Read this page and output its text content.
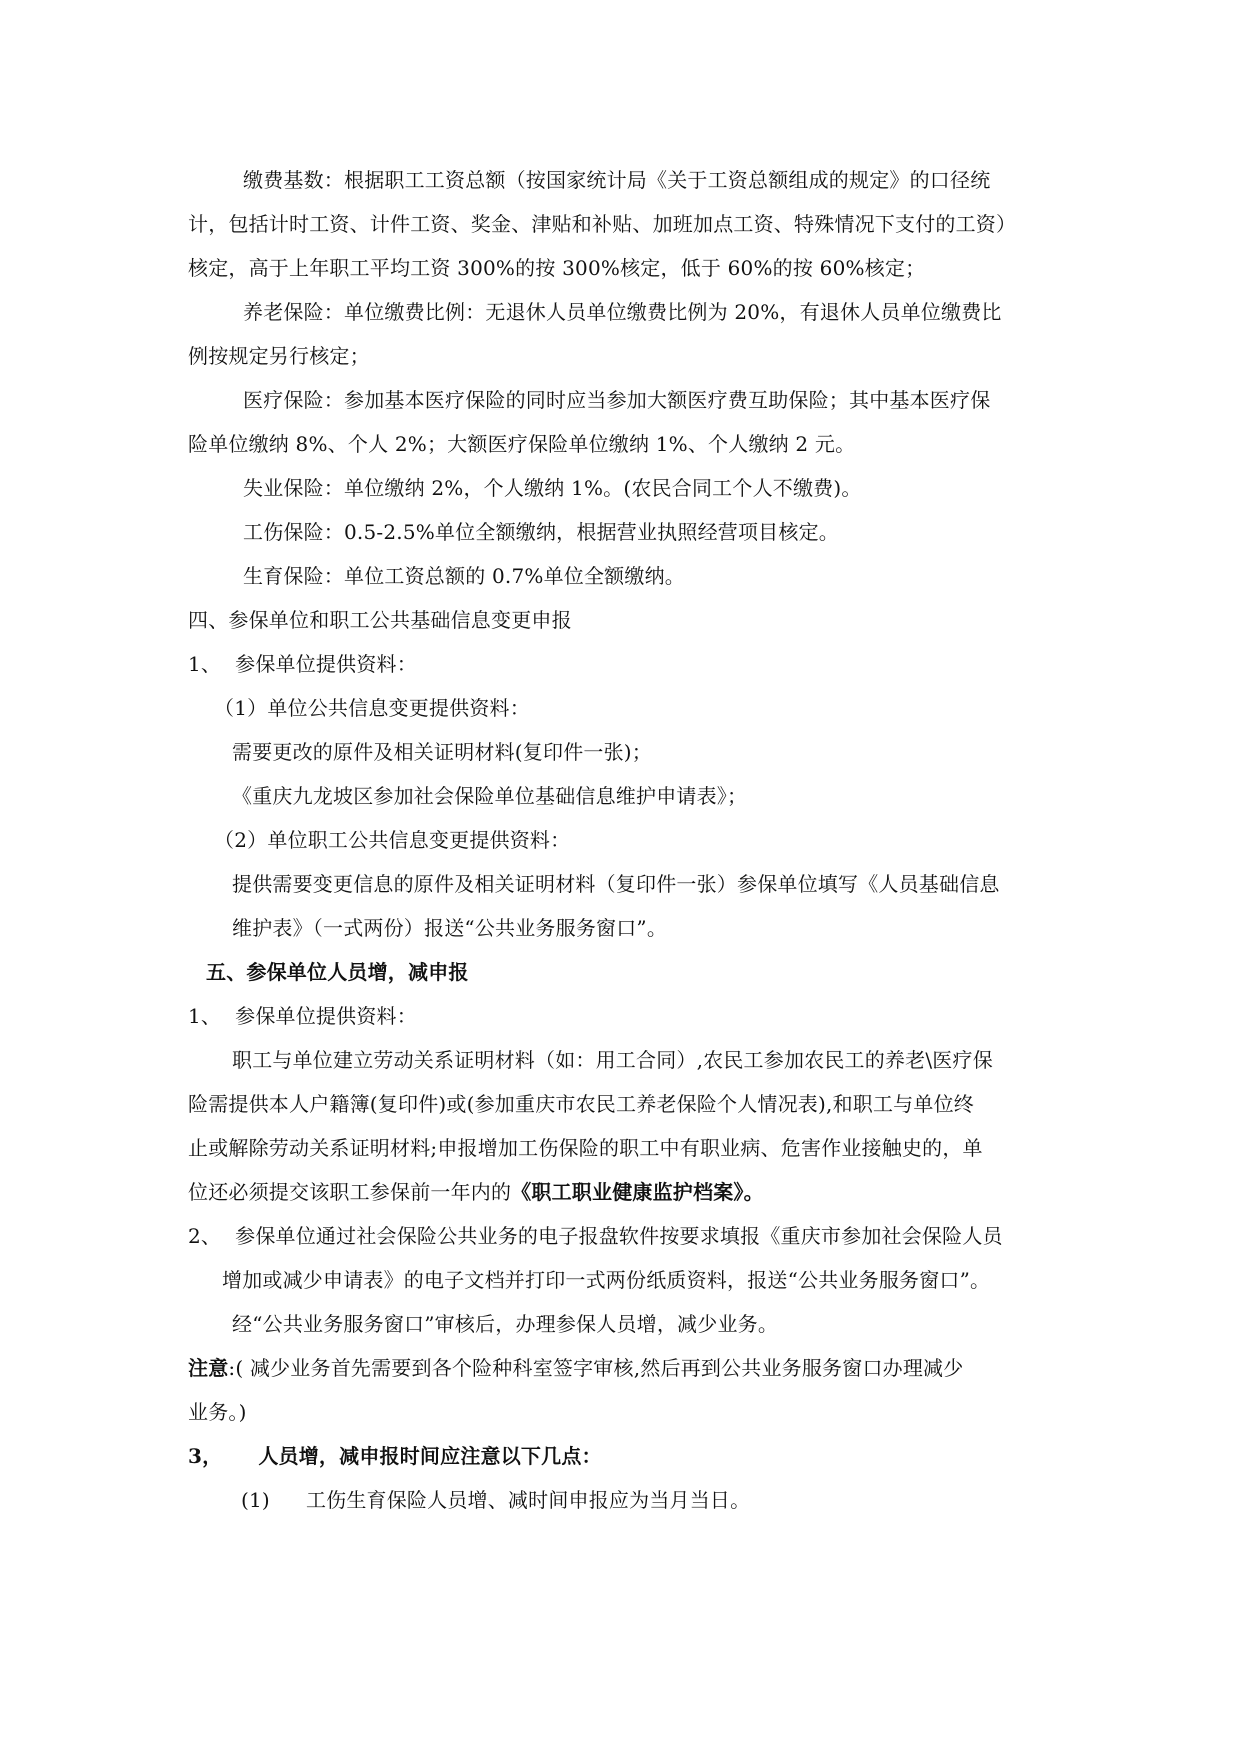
缴费基数：根据职工工资总额（按国家统计局《关于工资总额组成的规定》的口径统
计，包括计时工资、计件工资、奖金、津贴和补贴、加班加点工资、特殊情况下支付的工资）
核定，高于上年职工平均工资 300%的按 300%核定，低于 60%的按 60%核定；
养老保险：单位缴费比例：无退休人员单位缴费比例为 20%，有退休人员单位缴费比
例按规定另行核定；
医疗保险：参加基本医疗保险的同时应当参加大额医疗费互助保险；其中基本医疗保
险单位缴纳 8%、个人 2%；大额医疗保险单位缴纳 1%、个人缴纳 2 元。
失业保险：单位缴纳 2%，个人缴纳 1%。(农民合同工个人不缴费)。
工伤保险：0.5-2.5%单位全额缴纳，根据营业执照经营项目核定。
生育保险：单位工资总额的 0.7%单位全额缴纳。
四、参保单位和职工公共基础信息变更申报
1、 参保单位提供资料：
（1）单位公共信息变更提供资料：
需要更改的原件及相关证明材料(复印件一张)；
《重庆九龙坡区参加社会保险单位基础信息维护申请表》；
（2）单位职工公共信息变更提供资料：
提供需要变更信息的原件及相关证明材料（复印件一张）参保单位填写《人员基础信息
维护表》（一式两份）报送“公共业务服务窗口”。
五、参保单位人员增，减申报
1、 参保单位提供资料：
职工与单位建立劳动关系证明材料（如：用工合同）,农民工参加农民工的养老\医疗保
险需提供本人户籍簿(复印件)或(参加重庆市农民工养老保险个人情况表),和职工与单位终
止或解除劳动关系证明材料;申报增加工伤保险的职工中有职业病、危害作业接触史的，单
位还必须提交该职工参保前一年内的《职工职业健康监护档案》。
2、 参保单位通过社会保险公共业务的电子报盘软件按要求填报《重庆市参加社会保险人员
增加或减少申请表》的电子文档并打印一式两份纸质资料，报送“公共业务服务窗口”。
经“公共业务服务窗口”审核后，办理参保人员增，减少业务。
注意:( 减少业务首先需要到各个险种科室签字审核,然后再到公共业务服务窗口办理减少
业务。)
3， 人员增，减申报时间应注意以下几点：
(1) 工伤生育保险人员增、减时间申报应为当月当日。
